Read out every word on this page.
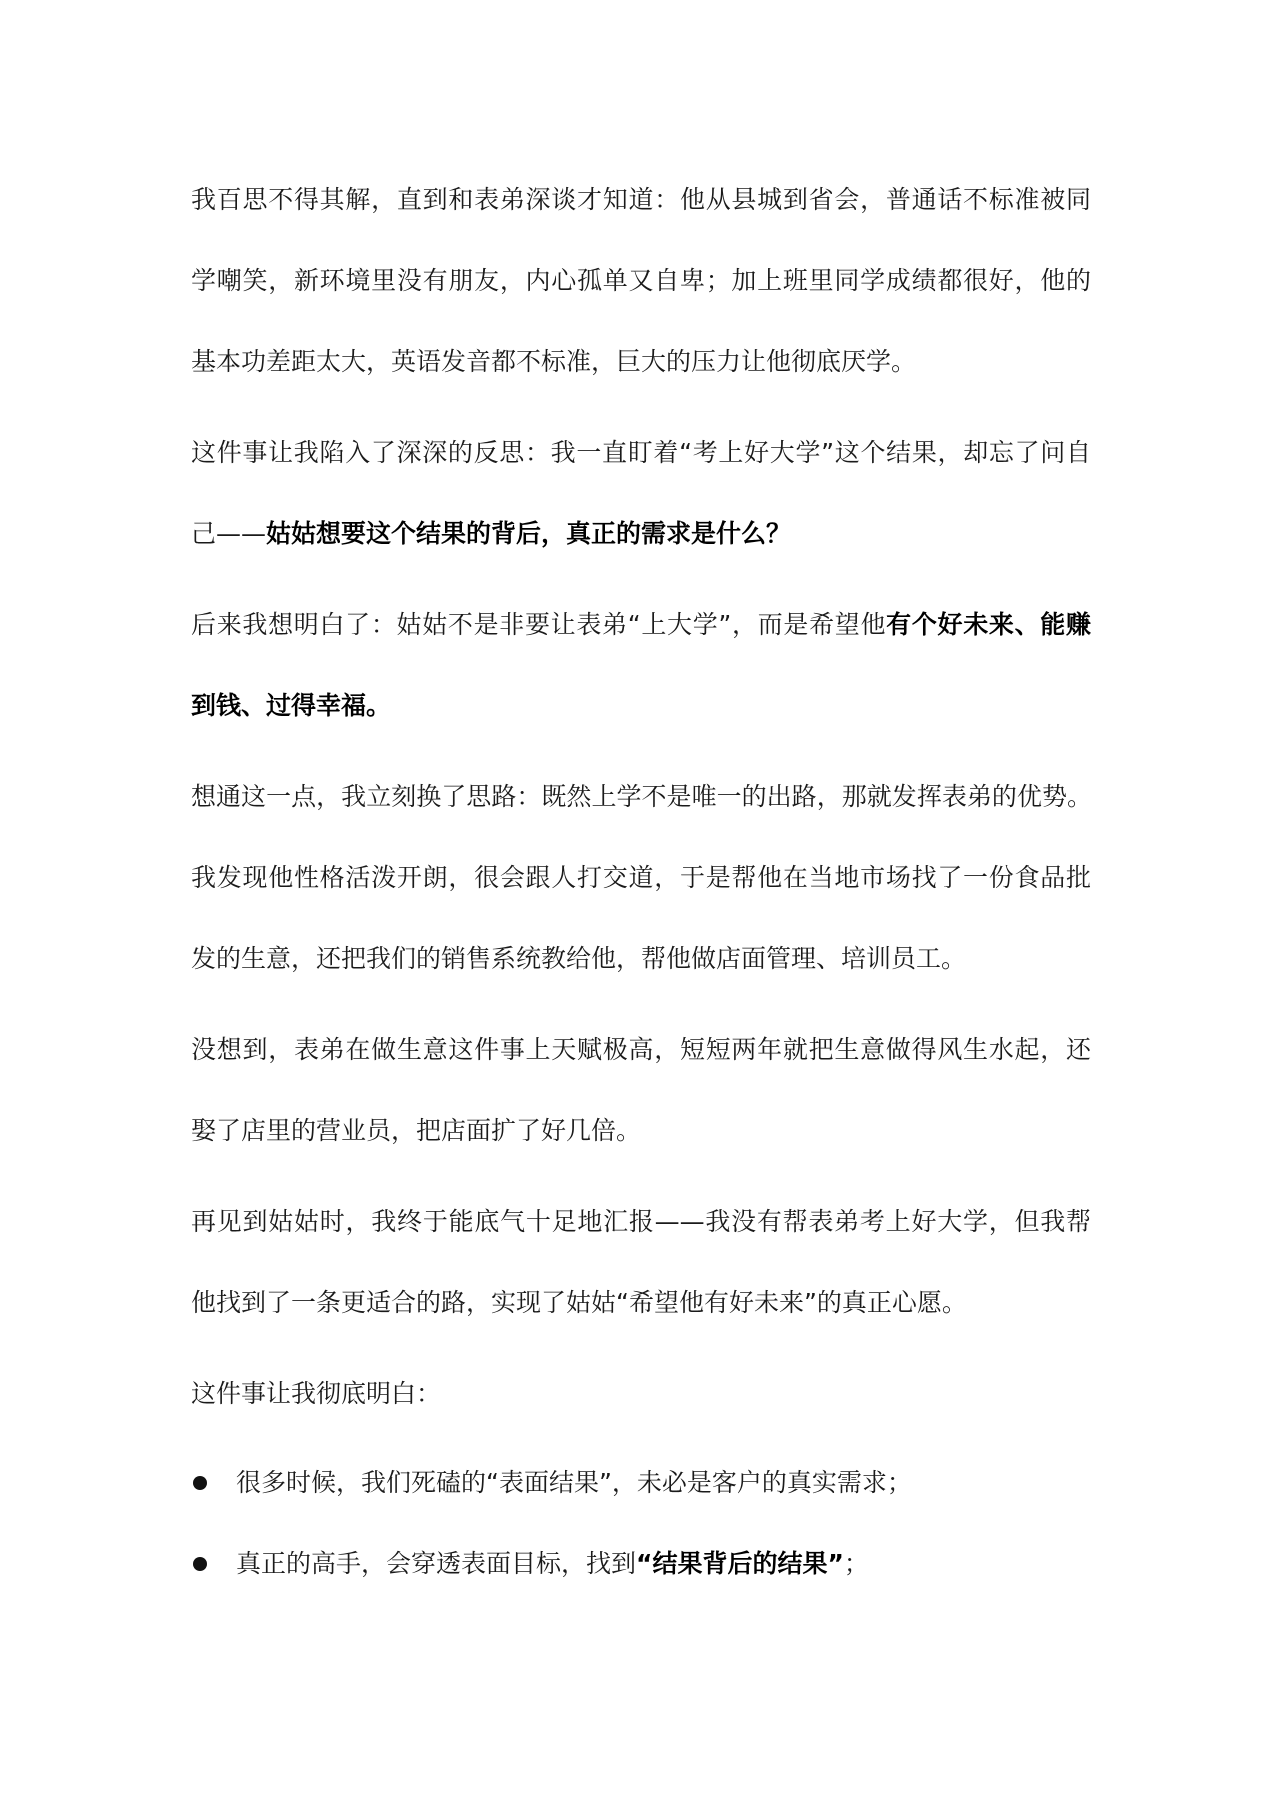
我百思不得其解，直到和表弟深谈才知道：他从县城到省会，普通话不标准被同
学嘲笑，新环境里没有朋友，内心孤单又自卑；加上班里同学成绩都很好，他的
基本功差距太大，英语发音都不标准，巨大的压力让他彻底厌学。
这件事让我陷入了深深的反思：我一直盯着“考上好大学”这个结果，却忘了问自
己——姑姑想要这个结果的背后，真正的需求是什么？
后来我想明白了：姑姑不是非要让表弟“上大学”，而是希望他有个好未来、能赚
到钱、过得幸福。
想通这一点，我立刻换了思路：既然上学不是唯一的出路，那就发挥表弟的优势。
我发现他性格活泼开朗，很会跟人打交道，于是帮他在当地市场找了一份食品批
发的生意，还把我们的销售系统教给他，帮他做店面管理、培训员工。
没想到，表弟在做生意这件事上天赋极高，短短两年就把生意做得风生水起，还
娶了店里的营业员，把店面扩了好几倍。
再见到姑姑时，我终于能底气十足地汇报——我没有帮表弟考上好大学，但我帮
他找到了一条更适合的路，实现了姑姑“希望他有好未来”的真正心愿。
这件事让我彻底明白：
很多时候，我们死磕的“表面结果”，未必是客户的真实需求；
真正的高手，会穿透表面目标，找到“结果背后的结果”；
